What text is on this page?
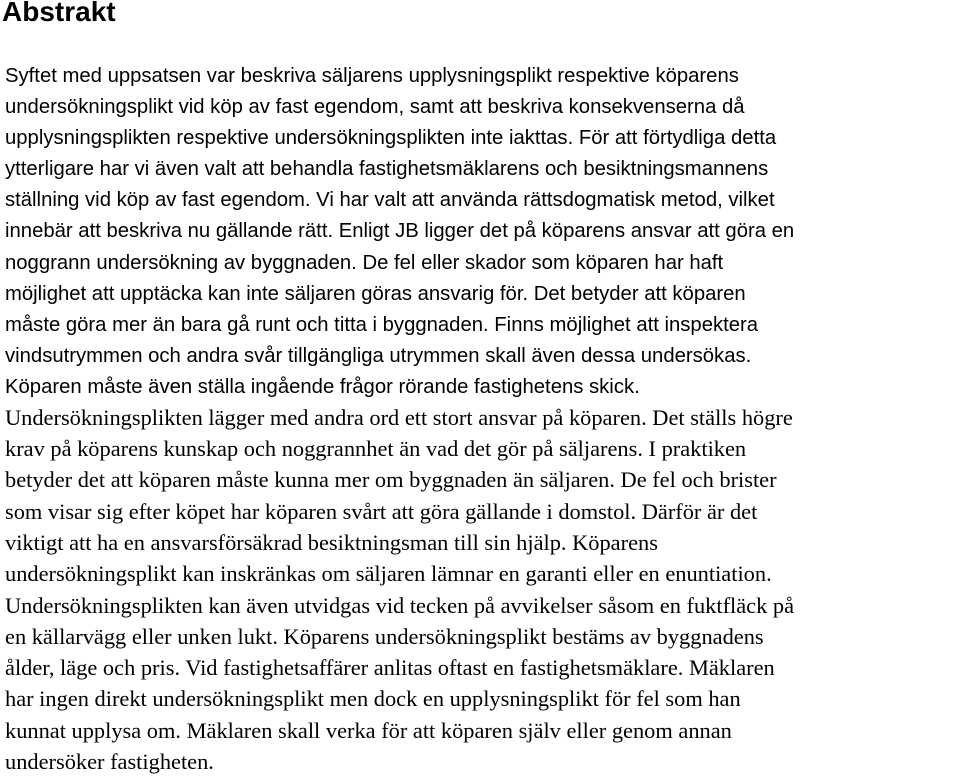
Abstrakt
Syftet med uppsatsen var beskriva säljarens upplysningsplikt respektive köparens
undersökningsplikt vid köp av fast egendom, samt att beskriva konsekvenserna då
upplysningsplikten respektive undersökningsplikten inte iakttas. För att förtydliga detta
ytterligare har vi även valt att behandla fastighetsmäklarens och besiktningsmannens
ställning vid köp av fast egendom. Vi har valt att använda rättsdogmatisk metod, vilket
innebär att beskriva nu gällande rätt. Enligt JB ligger det på köparens ansvar att göra en
noggrann undersökning av byggnaden. De fel eller skador som köparen har haft
möjlighet att upptäcka kan inte säljaren göras ansvarig för. Det betyder att köparen
måste göra mer än bara gå runt och titta i byggnaden. Finns möjlighet att inspektera
vindsutrymmen och andra svår tillgängliga utrymmen skall även dessa undersökas.
Köparen måste även ställa ingående frågor rörande fastighetens skick.
Undersökningsplikten lägger med andra ord ett stort ansvar på köparen. Det ställs högre
krav på köparens kunskap och noggrannhet än vad det gör på säljarens. I praktiken
betyder det att köparen måste kunna mer om byggnaden än säljaren. De fel och brister
som visar sig efter köpet har köparen svårt att göra gällande i domstol. Därför är det
viktigt att ha en ansvarsförsäkrad besiktningsman till sin hjälp. Köparens
undersökningsplikt kan inskränkas om säljaren lämnar en garanti eller en enuntiation.
Undersökningsplikten kan även utvidgas vid tecken på avvikelser såsom en fuktfläck på
en källarvägg eller unken lukt. Köparens undersökningsplikt bestäms av byggnadens
ålder, läge och pris. Vid fastighetsaffärer anlitas oftast en fastighetsmäklare. Mäklaren
har ingen direkt undersökningsplikt men dock en upplysningsplikt för fel som han
kunnat upplysa om. Mäklaren skall verka för att köparen själv eller genom annan
undersöker fastigheten.
